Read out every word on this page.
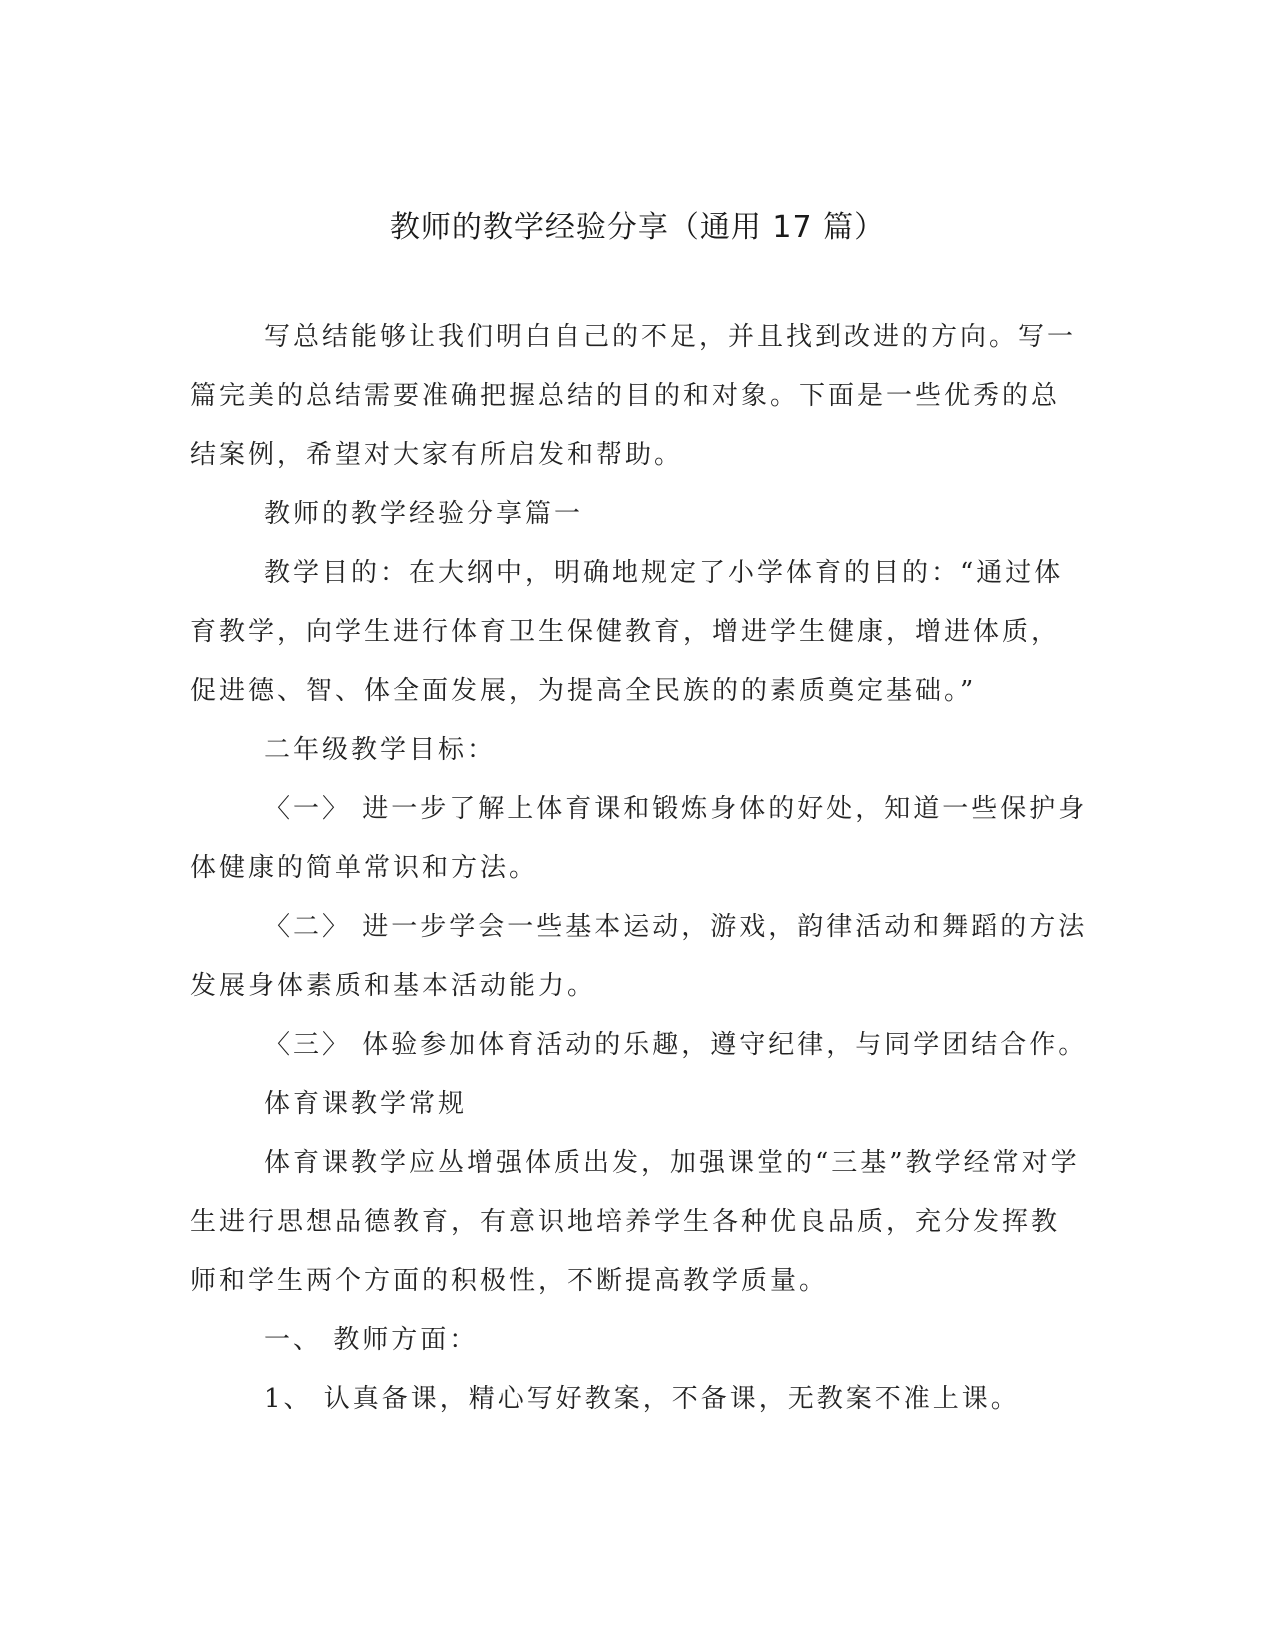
教师的教学经验分享（通用 17 篇）
写总结能够让我们明白自己的不足，并且找到改进的方向。写一
篇完美的总结需要准确把握总结的目的和对象。下面是一些优秀的总
结案例，希望对大家有所启发和帮助。
教师的教学经验分享篇一
教学目的：在大纲中，明确地规定了小学体育的目的：“通过体
育教学，向学生进行体育卫生保健教育，增进学生健康，增进体质，
促进德、智、体全面发展，为提高全民族的的素质奠定基础。”
二年级教学目标：
〈一〉 进一步了解上体育课和锻炼身体的好处，知道一些保护身
体健康的简单常识和方法。
〈二〉 进一步学会一些基本运动，游戏，韵律活动和舞蹈的方法
发展身体素质和基本活动能力。
〈三〉 体验参加体育活动的乐趣，遵守纪律，与同学团结合作。
体育课教学常规
体育课教学应丛增强体质出发，加强课堂的“三基”教学经常对学
生进行思想品德教育，有意识地培养学生各种优良品质，充分发挥教
师和学生两个方面的积极性，不断提高教学质量。
一、 教师方面：
1、 认真备课，精心写好教案，不备课，无教案不准上课。
